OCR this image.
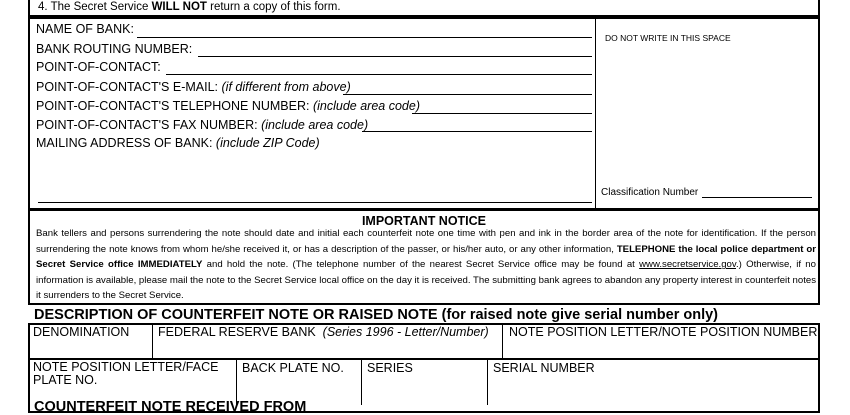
4. The Secret Service WILL NOT return a copy of this form.
NAME OF BANK:
BANK ROUTING NUMBER:
POINT-OF-CONTACT:
POINT-OF-CONTACT'S E-MAIL: (if different from above)
POINT-OF-CONTACT'S TELEPHONE NUMBER: (include area code)
POINT-OF-CONTACT'S FAX NUMBER: (include area code)
MAILING ADDRESS OF BANK: (include ZIP Code)
DO NOT WRITE IN THIS SPACE
Classification Number
IMPORTANT NOTICE
Bank tellers and persons surrendering the note should date and initial each counterfeit note one time with pen and ink in the border area of the note for identification. If the person surrendering the note knows from whom he/she received it, or has a description of the passer, or his/her auto, or any other information, TELEPHONE the local police department or Secret Service office IMMEDIATELY and hold the note. (The telephone number of the nearest Secret Service office may be found at www.secretservice.gov.) Otherwise, if no information is available, please mail the note to the Secret Service local office on the day it is received. The submitting bank agrees to abandon any property interest in counterfeit notes it surrenders to the Secret Service.
DESCRIPTION OF COUNTERFEIT NOTE OR RAISED NOTE (for raised note give serial number only)
DENOMINATION FEDERAL RESERVE BANK (Series 1996 - Letter/Number) NOTE POSITION LETTER/NOTE POSITION NUMBER
NOTE POSITION LETTER/FACE PLATE NO.
BACK PLATE NO. SERIES	SERIAL NUMBER
COUNTERFEIT NOTE RECEIVED FROM
